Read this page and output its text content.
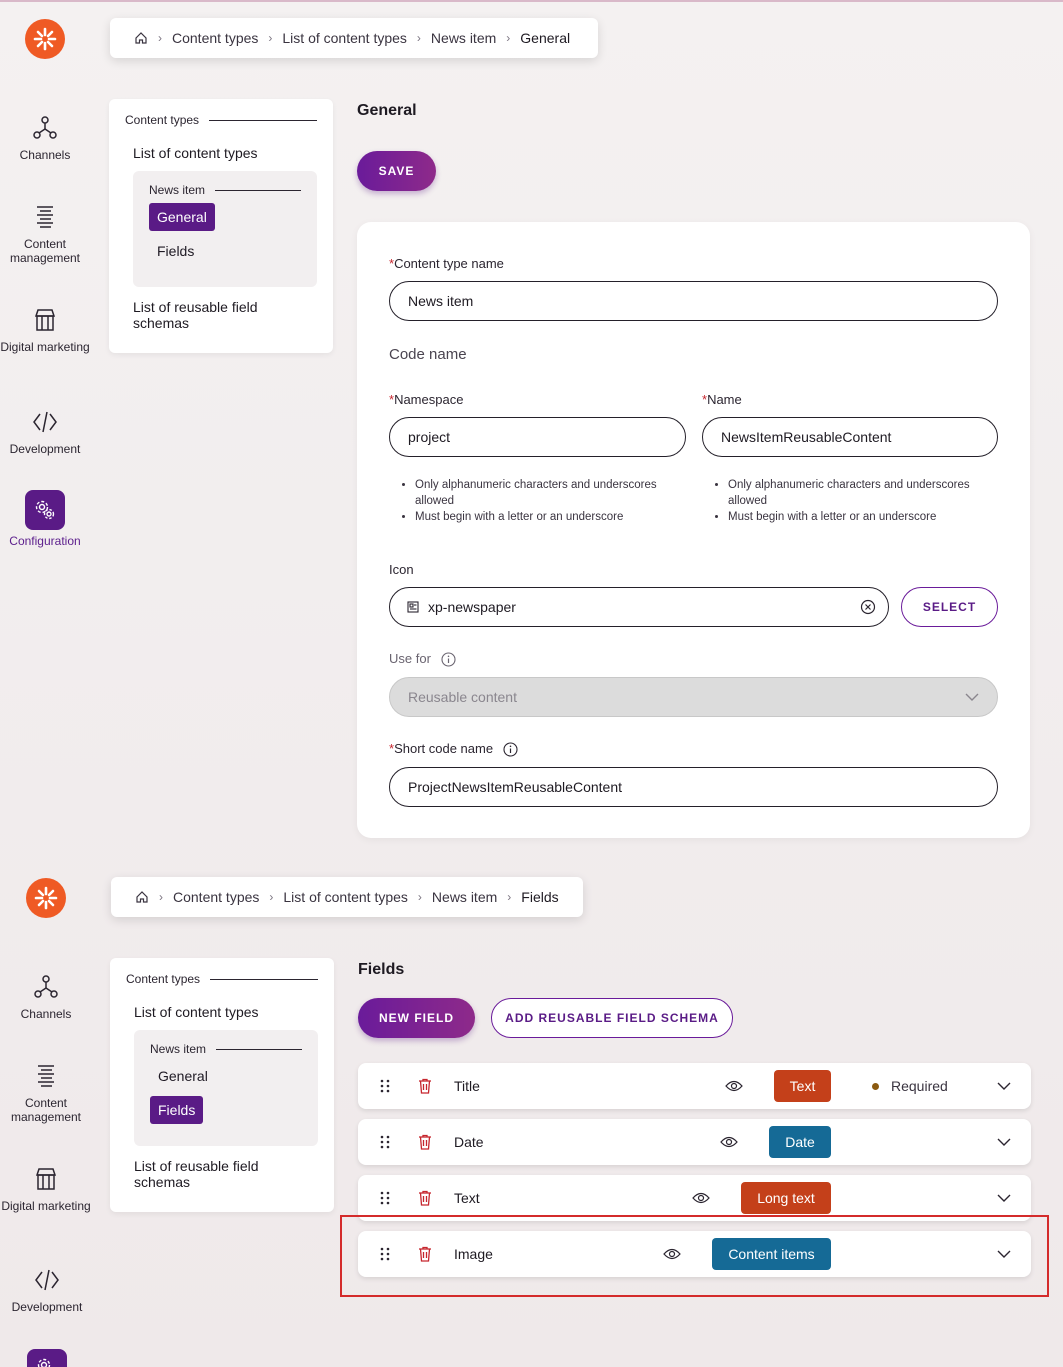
Channels
Content management
Digital marketing
Development
Configuration
› Content types › List of content types › News item › General
Content types
List of content types
News item
General
Fields
List of reusable field schemas
General
SAVE
*Content type name
News item
Code name
*Namespace
project
*Name
NewsItemReusableContent
• Only alphanumeric characters and underscores allowed
• Must begin with a letter or an underscore
• Only alphanumeric characters and underscores allowed
• Must begin with a letter or an underscore
Icon
xp-newspaper	SELECT
Use for
Reusable content
*Short code name
ProjectNewsItemReusableContent
Channels
Content management
Digital marketing
Development
› Content types › List of content types › News item › Fields
Content types
List of content types
News item
General
Fields
List of reusable field schemas
Fields
NEW FIELD	ADD REUSABLE FIELD SCHEMA
Title	Text	Required
Date	Date
Text	Long text
Image	Content items
